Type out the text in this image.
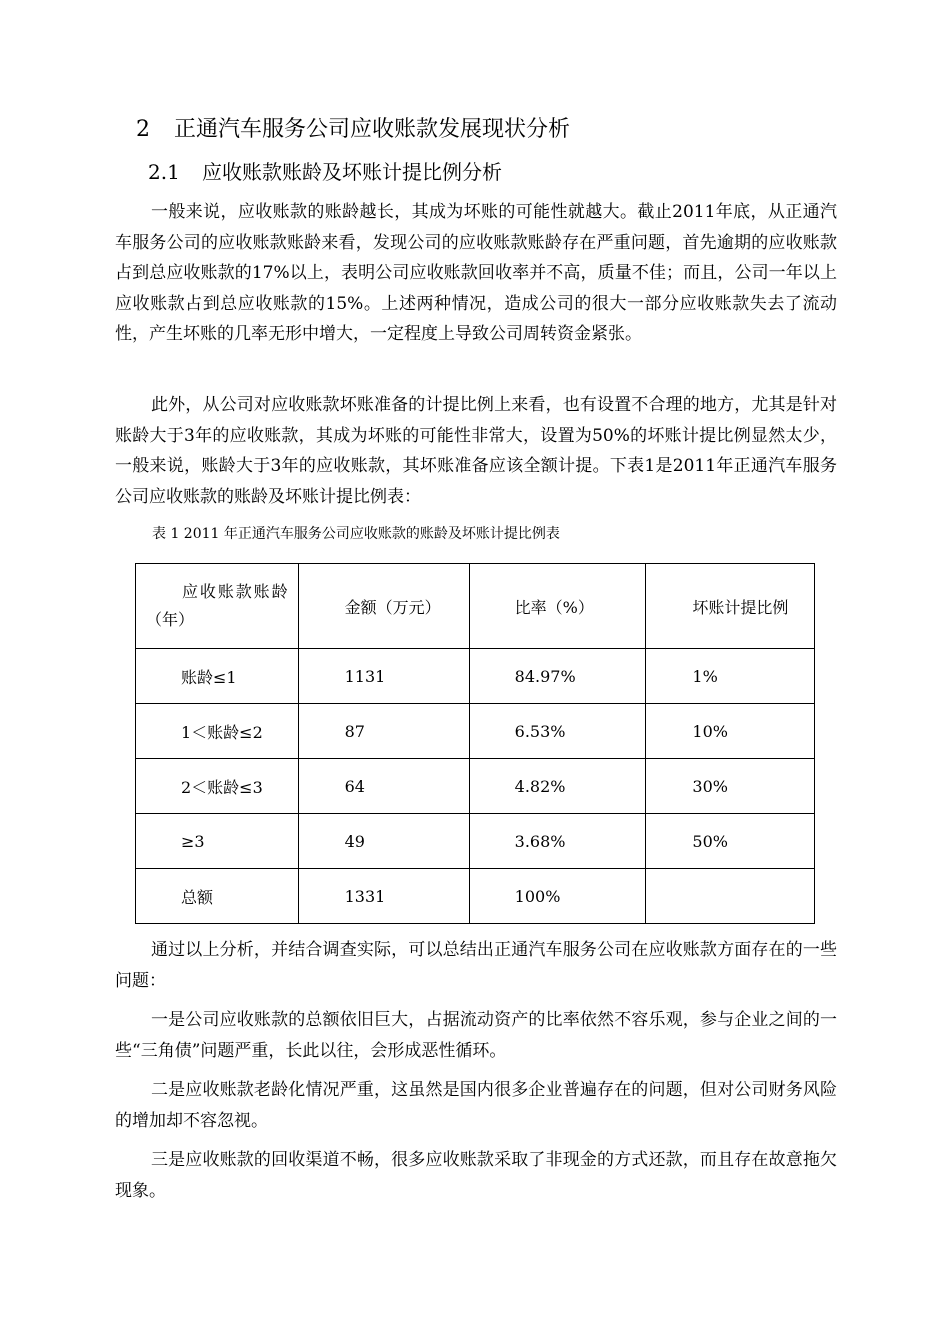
2 正通汽车服务公司应收账款发展现状分析
2.1 应收账款账龄及坏账计提比例分析

一般来说，应收账款的账龄越长，其成为坏账的可能性就越大。截止2011年底，从正通汽车服务公司的应收账款账龄来看，发现公司的应收账款账龄存在严重问题，首先逾期的应收账款占到总应收账款的17%以上，表明公司应收账款回收率并不高，质量不佳；而且，公司一年以上应收账款占到总应收账款的15%。上述两种情况，造成公司的很大一部分应收账款失去了流动性，产生坏账的几率无形中增大，一定程度上导致公司周转资金紧张。

此外，从公司对应收账款坏账准备的计提比例上来看，也有设置不合理的地方，尤其是针对账龄大于3年的应收账款，其成为坏账的可能性非常大，设置为50%的坏账计提比例显然太少，一般来说，账龄大于3年的应收账款，其坏账准备应该全额计提。下表1是2011年正通汽车服务公司应收账款的账龄及坏账计提比例表：

表 1 2011 年正通汽车服务公司应收账款的账龄及坏账计提比例表
应收账款账龄（年）	金额（万元）	比率（%）	坏账计提比例
账龄≤1	1131	84.97%	1%
1＜账龄≤2	87	6.53%	10%
2＜账龄≤3	64	4.82%	30%
≥3	49	3.68%	50%
总额	1331	100%	

通过以上分析，并结合调查实际，可以总结出正通汽车服务公司在应收账款方面存在的一些问题：

一是公司应收账款的总额依旧巨大，占据流动资产的比率依然不容乐观，参与企业之间的一些“三角债”问题严重，长此以往，会形成恶性循环。

二是应收账款老龄化情况严重，这虽然是国内很多企业普遍存在的问题，但对公司财务风险的增加却不容忽视。

三是应收账款的回收渠道不畅，很多应收账款采取了非现金的方式还款，而且存在故意拖欠现象。
